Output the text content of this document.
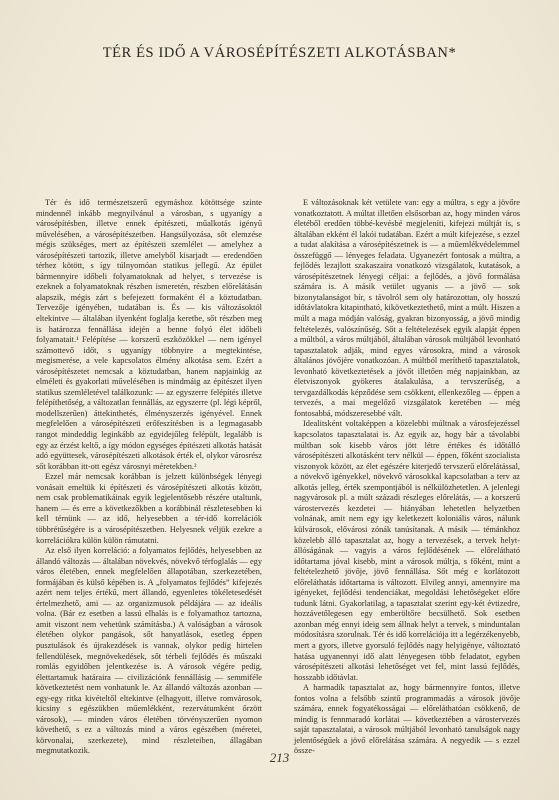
TÉR ÉS IDŐ A VÁROSÉPÍTÉSZETI ALKOTÁSBAN*

Tér és idő természetszerű egymáshoz kötöttsége szinte mindennél inkább megnyilvánul a városban, s ugyanígy a városépítésben, illetve ennek építészeti, műalkotás igényű művelésében, a városépítészetben. Hangsúlyozása, sőt elemzése mégis szükséges, mert az építészeti szemlélet — amelyhez a városépítészeti tartozik, illetve amelyből kisarjadt — eredendően térhez kötött, s így túlnyomóan statikus jellegű. Az épület bármennyire időbeli folyamatoknak ad helyet, s tervezése is ezeknek a folyamatoknak részben ismeretén, részben előrelátásán alapszik, mégis zárt s befejezett formaként él a köztudatban. Tervezője igényében, tudatában is. És — kis változásoktól eltekintve — általában ilyenként foglalja keretbe, sőt részben meg is határozza fennállása idején a benne folyó élet időbeli folyamatait.¹ Felépítése — korszerű eszközökkel — nem igényel számottevő időt, s ugyanígy többnyire a megtekintése, megismerése, a vele kapcsolatos élmény alkotása sem. Ezért a városépítészetet nemcsak a köztudatban, hanem napjainkig az elméleti és gyakorlati művelésében is mindmáig az építészet ilyen statikus szemléletével találkozunk: — az egyszerre felépítés illetve felépíthetőség, a változatlan fennállás, az egyszerre (pl. légi képről, modellszerűen) áttekinthetés, élményszerzés igényével. Ennek megfelelően a városépítészeti erőfeszítésben is a legmagasabb rangot mindeddig leginkább az egyidejűleg felépült, legalább is egy az érzést keltő, a így módon egységes építészeti alkotás hatását adó együttesek, városépítészeti alkotások érték el, olykor városrész sőt korábban itt-ott egész városnyi méretekben.²

Ezzel már nemcsak korábban is jelzett különbségek lényegi vonásait emeltük ki építészeti és városépítészeti alkotás között, nem csak problematikáinak egyik legjelentősebb részére utaltunk, hanem — és erre a következőkben a korábbinál részletesebben ki kell térnünk — az idő, helyesebben a tér-idő korrelációk többrétűségére is a városépítészetben. Helyesnek véljük ezekre a korrelációkra külön külön rámutatni.

Az első ilyen korreláció: a folyamatos fejlődés, helyesebben az állandó változás — általában növekvés, növekvő térfoglalás — egy város életében, ennek megfelelően állapotában, szerkezetében, formájában és külső képében is. A „folyamatos fejlődés” kifejezés azért nem teljes értékű, mert állandó, egyenletes tökéletesedését értelmezhető, ami — az organizmusok példájára — az ideális volna. (Bár ez esetben a lassú elhalás is e folyamathoz tartozna, amit viszont nem vehetünk számításba.) A valóságban a városok életében olykor pangások, sőt hanyatlások, esetleg éppen pusztulások és újrakezdések is vannak, olykor pedig hirtelen fellendülések, megnövekedések, sőt térbeli fejlődés és műszaki romlás egyidőben jelentkezése is. A városok végére pedig, élettartamuk határaira — civilizációnk fennállásig — semmiféle következtetést nem vonhatunk le. Az állandó változás azonban — egy-egy ritka kivételtől eltekintve (elhagyott, illetve romvárosok, kicsiny s egészükben műemlékként, rezervátumként őrzött városok), — minden város életében törvényszerűen nyomon követhető, s ez a változás mind a város egészében (méretei, körvonalai, szerkezete), mind részleteiben, állagában megmutatkozik.

E változásoknak két vetülete van: egy a múltra, s egy a jövőre vonatkoztatott. A múltat illetően elsősorban az, hogy minden város életéből eredően többé-kevésbé megjeleníti, kifejezi múltját is, s általában ekként él lakói tudatában. Ezért a múlt kifejezése, s ezzel a tudat alakítása a városépítészetnek is — a műemlékvédelemmel összefüggő — lényeges feladata. Ugyanezért fontosak a múltra, a fejlődés lezajlott szakaszaira vonatkozó vizsgálatok, kutatások, a városépítészetnek lényegi céljai: a fejlődés, a jövő formálása számára is. A másik vetület ugyanis — a jövő — sok bizonytalanságot bír, s távolról sem oly határozottan, oly hosszú időtávlatokra kitapintható, kikövetkeztethető, mint a múlt. Hiszen a múlt a maga módján valóság, gyakran bizonyosság, a jövő mindig feltételezés, valószínűség. Sőt a feltételezések egyik alapját éppen a múltból, a város múltjából, általában városok múltjából levonható tapasztalatok adják, mind egyes városokra, mind a városok általános jövőjére vonatkozóan. A múltból meríthető tapasztalatok, levonható következtetések a jövőt illetően még napjainkban, az életviszonyok gyökeres átalakulása, a tervszerűség, a tervgazdálkodás képződése sem csökkent, ellenkezőleg — éppen a tervezés, a mai megelőző vizsgálatok keretében — még fontosabbá, módszeresebbé vált.

Idealitsként voltaképpen a közelebbi múltnak a városfejezéssel kapcsolatos tapasztalatai is. Az egyik az, hogy bár a távolabbi múltban sok kisebb város jött létre értékes és időtálló városépítészeti alkotásként terv nélkül — éppen, főként szocialista viszonyok között, az élet egészére kiterjedő tervszerű előrelátással, a növekvő igényekkel, növekvő városokkal kapcsolatban a terv az alkotás jelleg, érték szempontjából is nélkülözhetetlen. A jelenlegi nagyvárosok pl. a múlt századi részleges előrelátás, — a korszerű várostervezés kezdetei — hiányában lehetetlen helyzetben volnának, amit nem egy igy keletkezett koloniális város, nálunk külvárosok, elővárosi zónák tanúsítanak. A másik — témánkhoz közelebb álló tapasztalat az, hogy a tervezések, a tervek helyt-állóságának — vagyis a város fejlődésének — előrelátható időtartama jóval kisebb, mint a városok múltja, s főként, mint a feltételezhető jövője, jövő fennállása. Sőt még e korlátozott előreláthatás időtartama is változott. Elvileg annyi, amennyire ma igényeket, fejlődési tendenciákat, megoldási lehetőségeket előre tudunk látni. Gyakorlatilag, a tapasztalat szerint egy-két évtizedre, hozzávetőlegesen egy emberöltőre becsülhető. Sok esetben azonban még ennyi ideig sem állnak helyt a tervek, s minduntalan módosításra szorulnak. Tér és idő korrelációja itt a legérzékenyebb, mert a gyors, illetve gyorsuló fejlődés nagy helyigénye, változtató hatása ugyanennyi idő alatt lényegesen több feladatot, egyben városépítészeti alkotási lehetőséget vet fel, mint lassú fejlődés, hosszabb időtávlat.

A harmadik tapasztalat az, hogy bármennyire fontos, illetve fontos volna a felsőbb szintű programmadás a városok jövője számára, ennek fogyatékosságai — előreláthatóan csökkenő, de mindig is fennmaradó korlátai — következtében a várostervezés saját tapasztalatai, a városok múltjából levonható tanulságok nagy jelentőségűek a jövő előrelátása számára. A negyedik — s ezzel össze-

213
